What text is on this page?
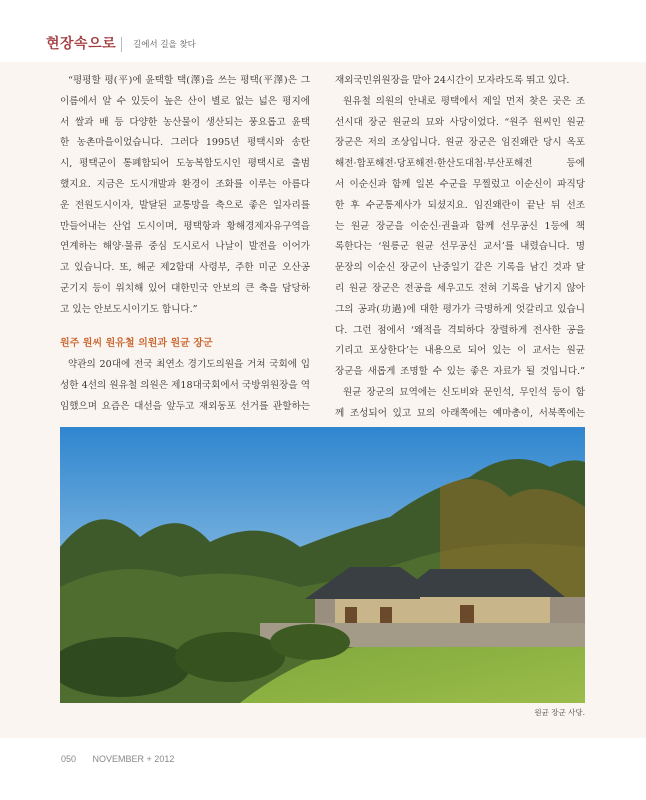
현장속으로 길에서 길을 찾다
“평평할 평(平)에 윤택할 택(澤)을 쓰는 평택(平澤)은 그
이름에서 알 수 있듯이 높은 산이 별로 없는 넓은 평지에
서 쌀과 배 등 다양한 농산물이 생산되는 풍요롭고 윤택
한 농촌마을이었습니다. 그러다 1995년 평택시와 송탄
시, 평택군이 통폐합되어 도농복합도시인 평택시로 출범
했지요. 지금은 도시개발과 환경이 조화를 이루는 아름다
운 전원도시이자, 발달된 교통망을 축으로 좋은 일자리를
만들어내는 산업 도시이며, 평택항과 황해경제자유구역을
연계하는 해양·물류 중심 도시로서 나날이 발전을 이어가
고 있습니다. 또, 해군 제2함대 사령부, 주한 미군 오산공
군기지 등이 위치해 있어 대한민국 안보의 큰 축을 담당하
고 있는 안보도시이기도 합니다.”
원주 원씨 원유철 의원과 원균 장군
약관의 20대에 전국 최연소 경기도의원을 거쳐 국회에 입
성한 4선의 원유철 의원은 제18대국회에서 국방위원장을 역
임했으며 요즘은 대선을 앞두고 재외동포 선거를 관할하는
재외국민위원장을 맡아 24시간이 모자라도록 뛰고 있다.
원유철 의원의 안내로 평택에서 제일 먼저 찾은 곳은 조
선시대 장군 원균의 묘와 사당이었다. “원주 원씨인 원균
장군은 저의 조상입니다. 원균 장군은 임진왜란 당시 옥포
해전·합포해전·당포해전·한산도대첩·부산포해전 등에
서 이순신과 함께 일본 수군을 무찔렀고 이순신이 파직당
한 후 수군통제사가 되셨지요. 임진왜란이 끝난 뒤 선조
는 원균 장군을 이순신·권율과 함께 선무공신 1등에 책
록한다는 ‘원릉군 원균 선무공신 교서’를 내렸습니다. 명
문장의 이순신 장군이 난중일기 같은 기록을 남긴 것과 달
리 원균 장군은 전공을 세우고도 전혀 기록을 남기지 않아
그의 공과(功過)에 대한 평가가 극명하게 엇갈리고 있습니
다. 그런 점에서 ‘왜적을 격퇴하다 장렬하게 전사한 공을
기리고 포상한다’는 내용으로 되어 있는 이 교서는 원균
장군을 새롭게 조명할 수 있는 좋은 자료가 될 것입니다.”
원균 장군의 묘역에는 신도비와 문인석, 무인석 등이 함
께 조성되어 있고 묘의 아래쪽에는 예마총이, 서북쪽에는
원균 장군 사당.
050 NOVEMBER + 2012
